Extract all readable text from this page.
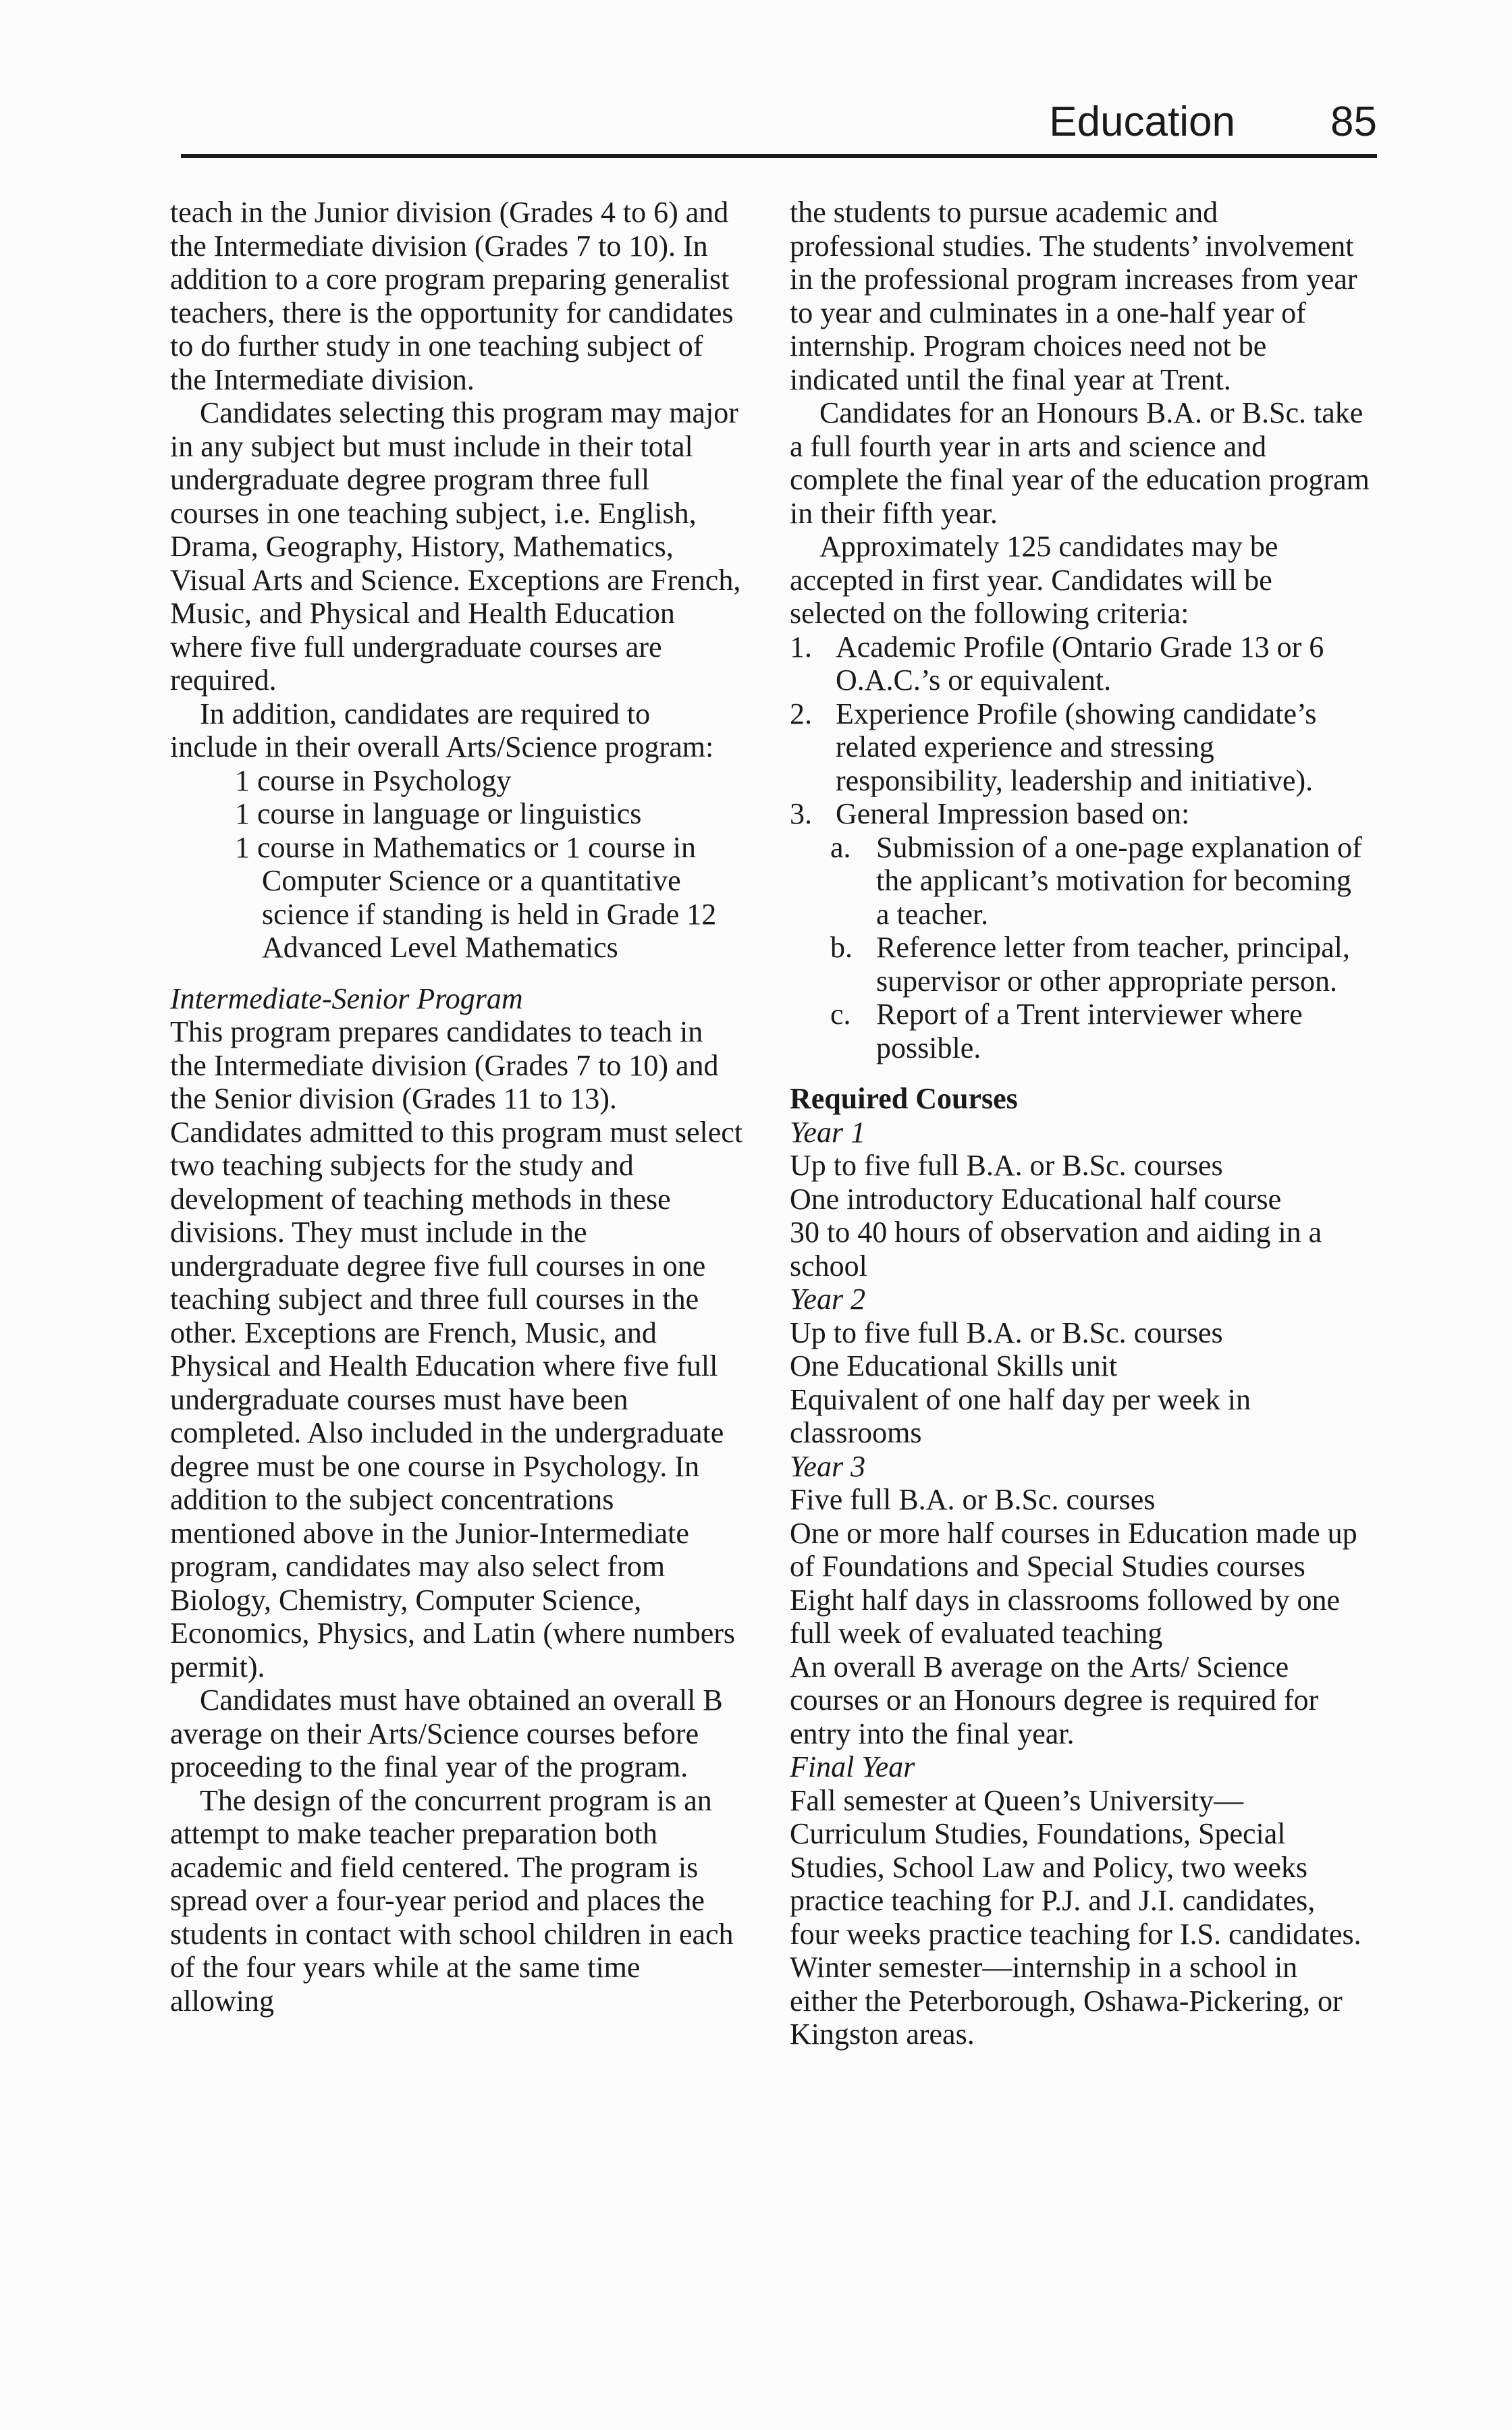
Education 85

teach in the Junior division (Grades 4 to 6) and the Intermediate division (Grades 7 to 10). In addition to a core program preparing generalist teachers, there is the opportunity for candidates to do further study in one teaching subject of the Intermediate division.

Candidates selecting this program may major in any subject but must include in their total undergraduate degree program three full courses in one teaching subject, i.e. English, Drama, Geography, History, Mathematics, Visual Arts and Science. Exceptions are French, Music, and Physical and Health Education where five full undergraduate courses are required.

In addition, candidates are required to include in their overall Arts/Science program:

1 course in Psychology

1 course in language or linguistics

1 course in Mathematics or 1 course in Computer Science or a quantitative science if standing is held in Grade 12 Advanced Level Mathematics

Intermediate-Senior Program

This program prepares candidates to teach in the Intermediate division (Grades 7 to 10) and the Senior division (Grades 11 to 13). Candidates admitted to this program must select two teaching subjects for the study and development of teaching methods in these divisions. They must include in the undergraduate degree five full courses in one teaching subject and three full courses in the other. Exceptions are French, Music, and Physical and Health Education where five full undergraduate courses must have been completed. Also included in the undergraduate degree must be one course in Psychology. In addition to the subject concentrations mentioned above in the Junior-Intermediate program, candidates may also select from Biology, Chemistry, Computer Science, Economics, Physics, and Latin (where numbers permit).

Candidates must have obtained an overall B average on their Arts/Science courses before proceeding to the final year of the program.

The design of the concurrent program is an attempt to make teacher preparation both academic and field centered. The program is spread over a four-year period and places the students in contact with school children in each of the four years while at the same time allowing

the students to pursue academic and professional studies. The students’ involvement in the professional program increases from year to year and culminates in a one-half year of internship. Program choices need not be indicated until the final year at Trent.

Candidates for an Honours B.A. or B.Sc. take a full fourth year in arts and science and complete the final year of the education program in their fifth year.

Approximately 125 candidates may be accepted in first year. Candidates will be selected on the following criteria:

1. Academic Profile (Ontario Grade 13 or 6 O.A.C.’s or equivalent.
2. Experience Profile (showing candidate’s related experience and stressing responsibility, leadership and initiative).
3. General Impression based on:
a. Submission of a one-page explanation of the applicant’s motivation for becoming a teacher.
b. Reference letter from teacher, principal, supervisor or other appropriate person.
c. Report of a Trent interviewer where possible.

Required Courses

Year 1

Up to five full B.A. or B.Sc. courses

One introductory Educational half course

30 to 40 hours of observation and aiding in a school

Year 2

Up to five full B.A. or B.Sc. courses

One Educational Skills unit

Equivalent of one half day per week in classrooms

Year 3

Five full B.A. or B.Sc. courses

One or more half courses in Education made up of Foundations and Special Studies courses

Eight half days in classrooms followed by one full week of evaluated teaching

An overall B average on the Arts/ Science courses or an Honours degree is required for entry into the final year.

Final Year

Fall semester at Queen’s University—Curriculum Studies, Foundations, Special Studies, School Law and Policy, two weeks practice teaching for P.J. and J.I. candidates, four weeks practice teaching for I.S. candidates.

Winter semester—internship in a school in either the Peterborough, Oshawa-Pickering, or Kingston areas.
